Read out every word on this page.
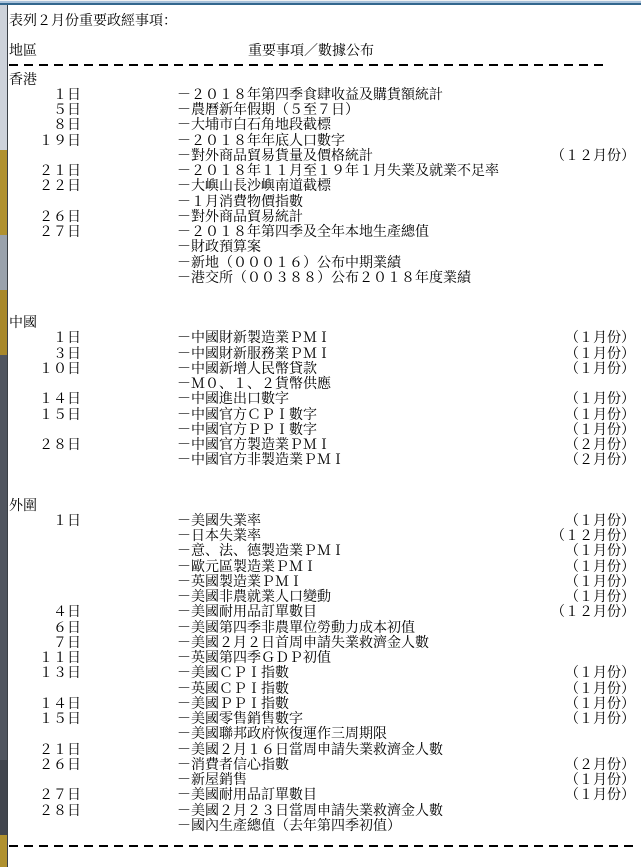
表列２月份重要政經事項：
地區	重要事項／數據公布
香港
１日	－２０１８年第四季食肆收益及購貨額統計
５日	－農曆新年假期（５至７日）
８日	－大埔市白石角地段截標
１９日	－２０１８年年底人口數字
－對外商品貿易貨量及價格統計	（１２月份）
２１日	－２０１８年１１月至１９年１月失業及就業不足率
２２日	－大嶼山長沙嶼南道截標
－１月消費物價指數
２６日	－對外商品貿易統計
２７日	－２０１８年第四季及全年本地生產總值
－財政預算案
－新地（０００１６）公布中期業績
－港交所（００３８８）公布２０１８年度業績
中國
１日	－中國財新製造業ＰＭＩ	（１月份）
３日	－中國財新服務業ＰＭＩ	（１月份）
１０日	－中國新增人民幣貸款	（１月份）
－Ｍ０、１、２貨幣供應
１４日	－中國進出口數字	（１月份）
１５日	－中國官方ＣＰＩ數字	（１月份）
－中國官方ＰＰＩ數字	（１月份）
２８日	－中國官方製造業ＰＭＩ	（２月份）
－中國官方非製造業ＰＭＩ	（２月份）
外圍
１日	－美國失業率	（１月份）
－日本失業率	（１２月份）
－意、法、德製造業ＰＭＩ	（１月份）
－歐元區製造業ＰＭＩ	（１月份）
－英國製造業ＰＭＩ	（１月份）
－美國非農就業人口變動	（１月份）
４日	－美國耐用品訂單數目	（１２月份）
６日	－美國第四季非農單位勞動力成本初值
７日	－美國２月２日首周申請失業救濟金人數
１１日	－英國第四季ＧＤＰ初值
１３日	－美國ＣＰＩ指數	（１月份）
－英國ＣＰＩ指數	（１月份）
１４日	－美國ＰＰＩ指數	（１月份）
１５日	－美國零售銷售數字	（１月份）
－美國聯邦政府恢復運作三周期限
２１日	－美國２月１６日當周申請失業救濟金人數
２６日	－消費者信心指數	（２月份）
－新屋銷售	（１月份）
２７日	－美國耐用品訂單數目	（１月份）
２８日	－美國２月２３日當周申請失業救濟金人數
－國內生產總值（去年第四季初值）
